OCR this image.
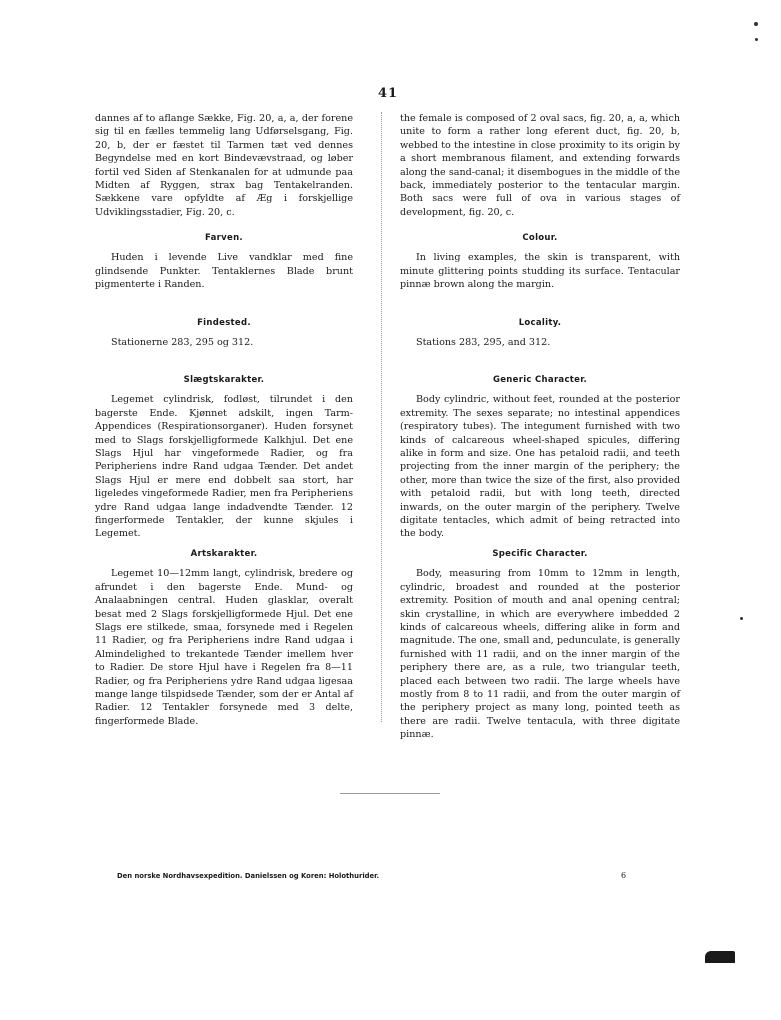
41

dannes af to aflange Sække, Fig. 20, a, a, der forene sig til en fælles temmelig lang Udførselsgang, Fig. 20, b, der er fæstet til Tarmen tæt ved dennes Begyndelse med en kort Bindevævstraad, og løber fortil ved Siden af Stenkanalen for at udmunde paa Midten af Ryggen, strax bag Tentakelranden. Sækkene vare opfyldte af Æg i forskjellige Udviklingsstadier, Fig. 20, c.

Farven.

Huden i levende Live vandklar med fine glindsende Punkter. Tentaklernes Blade brunt pigmenterte i Randen.

Findested.

Stationerne 283, 295 og 312.

Slægtskarakter.

Legemet cylindrisk, fodløst, tilrundet i den bagerste Ende. Kjønnet adskilt, ingen Tarm-Appendices (Respirationsorganer). Huden forsynet med to Slags forskjelligformede Kalkhjul. Det ene Slags Hjul har vingeformede Radier, og fra Peripheriens indre Rand udgaa Tænder. Det andet Slags Hjul er mere end dobbelt saa stort, har ligeledes vingeformede Radier, men fra Peripheriens ydre Rand udgaa lange indadvendte Tænder. 12 fingerformede Tentakler, der kunne skjules i Legemet.

Artskarakter.

Legemet 10—12mm langt, cylindrisk, bredere og afrundet i den bagerste Ende. Mund- og Analaabningen central. Huden glasklar, overalt besat med 2 Slags forskjelligformede Hjul. Det ene Slags ere stilkede, smaa, forsynede med i Regelen 11 Radier, og fra Peripheriens indre Rand udgaa i Almindelighed to trekantede Tænder imellem hver to Radier. De store Hjul have i Regelen fra 8—11 Radier, og fra Peripheriens ydre Rand udgaa ligesaa mange lange tilspidsede Tænder, som der er Antal af Radier. 12 Tentakler forsynede med 3 delte, fingerformede Blade.

the female is composed of 2 oval sacs, fig. 20, a, a, which unite to form a rather long eferent duct, fig. 20, b, webbed to the intestine in close proximity to its origin by a short membranous filament, and extending forwards along the sand-canal; it disembogues in the middle of the back, immediately posterior to the tentacular margin. Both sacs were full of ova in various stages of development, fig. 20, c.

Colour.

In living examples, the skin is transparent, with minute glittering points studding its surface. Tentacular pinnæ brown along the margin.

Locality.

Stations 283, 295, and 312.

Generic Character.

Body cylindric, without feet, rounded at the posterior extremity. The sexes separate; no intestinal appendices (respiratory tubes). The integument furnished with two kinds of calcareous wheel-shaped spicules, differing alike in form and size. One has petaloid radii, and teeth projecting from the inner margin of the periphery; the other, more than twice the size of the first, also provided with petaloid radii, but with long teeth, directed inwards, on the outer margin of the periphery. Twelve digitate tentacles, which admit of being retracted into the body.

Specific Character.

Body, measuring from 10mm to 12mm in length, cylindric, broadest and rounded at the posterior extremity. Position of mouth and anal opening central; skin crystalline, in which are everywhere imbedded 2 kinds of calcareous wheels, differing alike in form and magnitude. The one, small and, pedunculate, is generally furnished with 11 radii, and on the inner margin of the periphery there are, as a rule, two triangular teeth, placed each between two radii. The large wheels have mostly from 8 to 11 radii, and from the outer margin of the periphery project as many long, pointed teeth as there are radii. Twelve tentacula, with three digitate pinnæ.

Den norske Nordhavsexpedition. Danielssen og Koren: Holothurider.	6
